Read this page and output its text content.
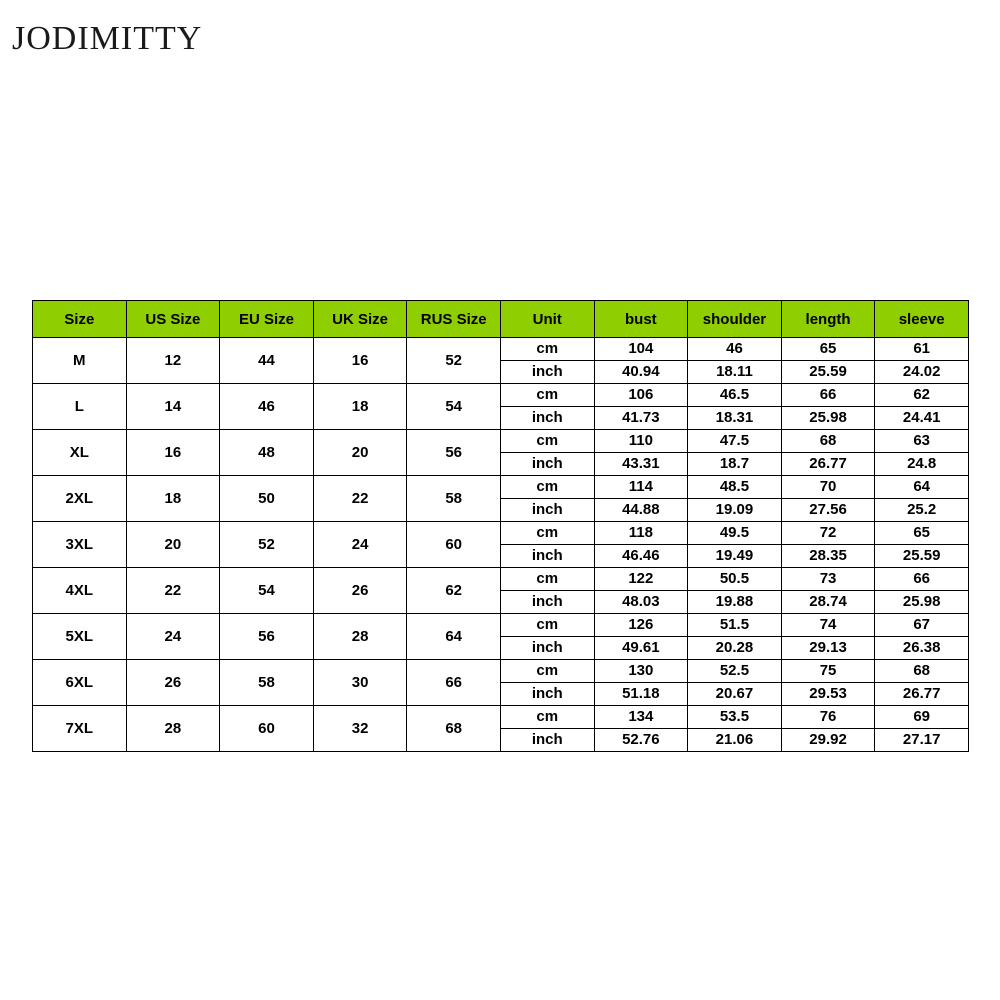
JODIMITTY
Size	US Size	EU Size	UK Size	RUS Size	Unit	bust	shoulder	length	sleeve
M	12	44	16	52	cm	104	46	65	61
					inch	40.94	18.11	25.59	24.02
L	14	46	18	54	cm	106	46.5	66	62
					inch	41.73	18.31	25.98	24.41
XL	16	48	20	56	cm	110	47.5	68	63
					inch	43.31	18.7	26.77	24.8
2XL	18	50	22	58	cm	114	48.5	70	64
					inch	44.88	19.09	27.56	25.2
3XL	20	52	24	60	cm	118	49.5	72	65
					inch	46.46	19.49	28.35	25.59
4XL	22	54	26	62	cm	122	50.5	73	66
					inch	48.03	19.88	28.74	25.98
5XL	24	56	28	64	cm	126	51.5	74	67
					inch	49.61	20.28	29.13	26.38
6XL	26	58	30	66	cm	130	52.5	75	68
					inch	51.18	20.67	29.53	26.77
7XL	28	60	32	68	cm	134	53.5	76	69
					inch	52.76	21.06	29.92	27.17
